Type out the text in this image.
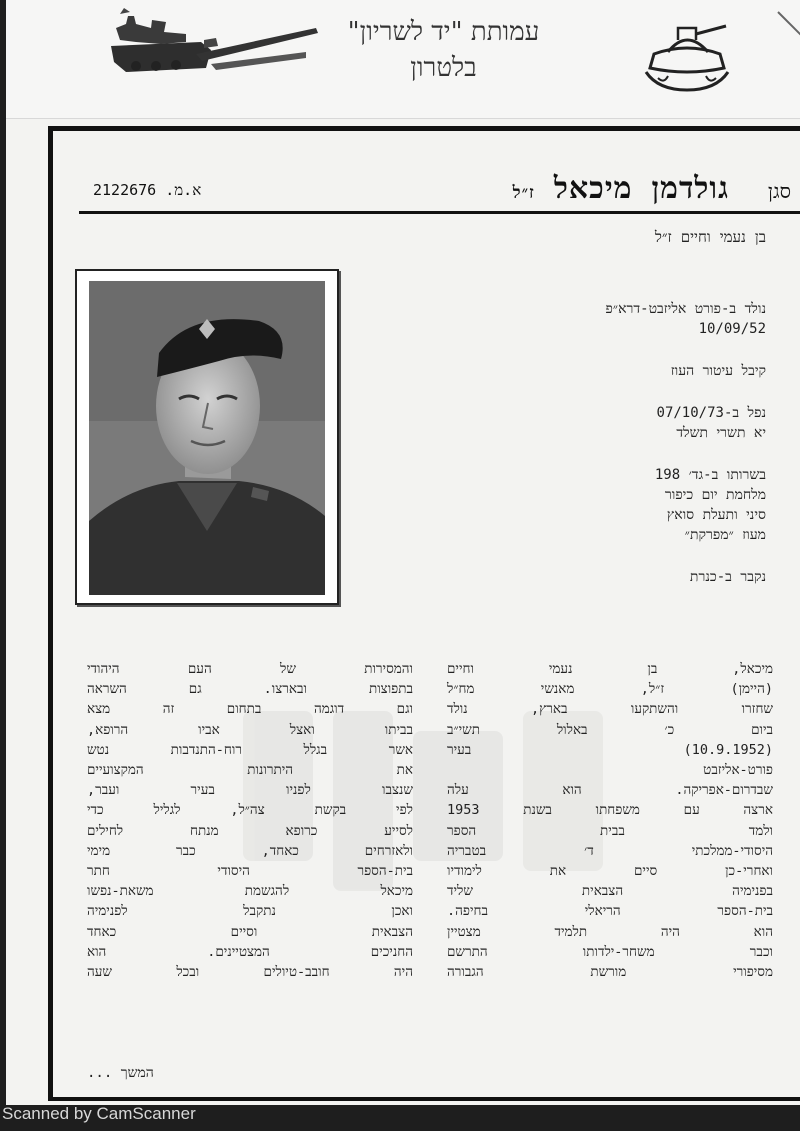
עמותת "יד לשריון"
בלטרון
סגן
גולדמן מיכאל ז״ל
2122676 .א.מ
בן נעמי וחיים ז״ל
נולד ב-פורט אליזבט-דרא״פ
10/09/52
קיבל עיטור העוז
נפל ב-07/10/73
יא תשרי תשלד
בשרותו ב-גד׳ 198
מלחמת יום כיפור
סיני ותעלת סואץ
מעוז ״מפרקת״
נקבר ב-כנרת
מיכאל, בן נעמי וחיים
(היימן) ז״ל, מאנשי מח״ל
שחזרו והשתקעו בארץ, נולד
ביום כ׳ באלול תשי״ב
(10.9.1952) בעיר
פורט-אליזבט
שבדרום-אפריקה. הוא עלה
ארצה עם משפחתו בשנת 1953
ולמד בבית הספר
היסודי-ממלכתי ד׳ בטבריה
ואחרי-כן סיים את לימודיו
בפנימיה הצבאית שליד
בית-הספר הריאלי בחיפה.
הוא היה תלמיד מצטיין
וכבר משחר-ילדותו התרשם
מסיפורי מורשת הגבורה
והמסירות של העם היהודי
בתפוצות ובארצו. גם השראה
וגם דוגמה בתחום זה מצא
בביתו ואצל אביו הרופא,
אשר בגלל רוח-התנדבות נטש
את היתרונות המקצועיים
שנצבו לפניו בעיר ועבר,
לפי בקשת צה״ל, לגליל כדי
לסייע כרופא מנתח לחילים
ולאזרחים כאחד, כבר מימי
בית-הספר היסודי חתר
מיכאל להגשמת משאת-נפשו
ואכן נתקבל לפנימיה
הצבאית וסיים כאחד
החניכים המצטיינים. הוא
היה חובב-טיולים ובכל שעה
המשך ...
Scanned by CamScanner
